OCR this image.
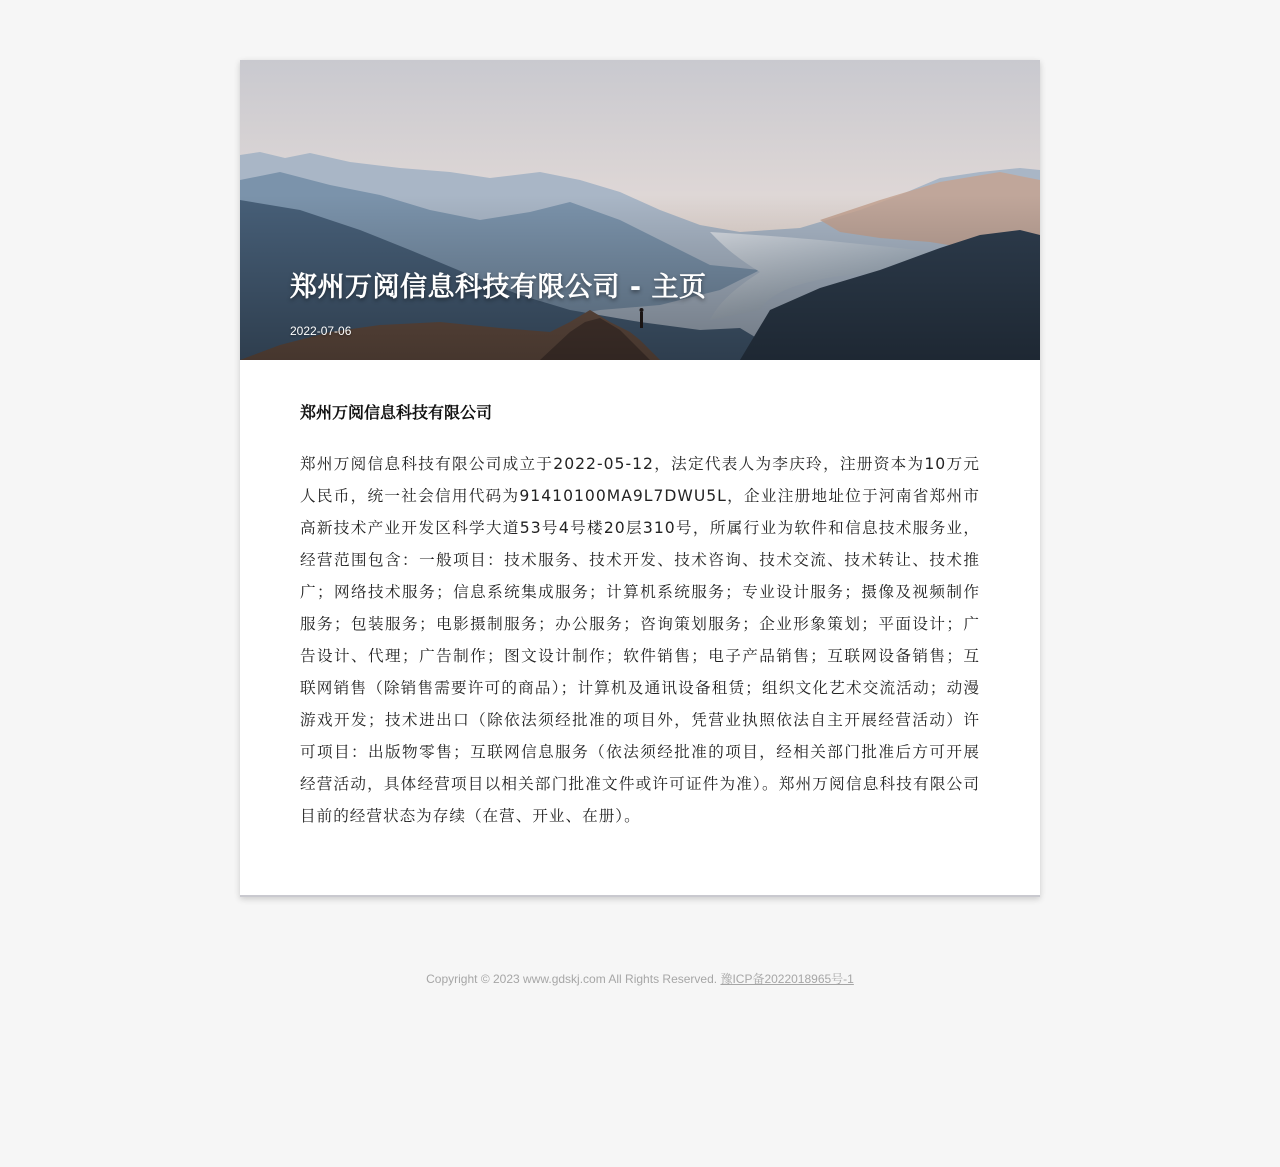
郑州万阅信息科技有限公司 - 主页
2022-07-06
郑州万阅信息科技有限公司

郑州万阅信息科技有限公司成立于2022-05-12，法定代表人为李庆玲，注册资本为10万元人民币，统一社会信用代码为91410100MA9L7DWU5L，企业注册地址位于河南省郑州市高新技术产业开发区科学大道53号4号楼20层310号，所属行业为软件和信息技术服务业，经营范围包含：一般项目：技术服务、技术开发、技术咨询、技术交流、技术转让、技术推广；网络技术服务；信息系统集成服务；计算机系统服务；专业设计服务；摄像及视频制作服务；包装服务；电影摄制服务；办公服务；咨询策划服务；企业形象策划；平面设计；广告设计、代理；广告制作；图文设计制作；软件销售；电子产品销售；互联网设备销售；互联网销售（除销售需要许可的商品）；计算机及通讯设备租赁；组织文化艺术交流活动；动漫游戏开发；技术进出口（除依法须经批准的项目外，凭营业执照依法自主开展经营活动）许可项目：出版物零售；互联网信息服务（依法须经批准的项目，经相关部门批准后方可开展经营活动，具体经营项目以相关部门批准文件或许可证件为准）。郑州万阅信息科技有限公司目前的经营状态为存续（在营、开业、在册）。

Copyright © 2023 www.gdskj.com All Rights Reserved. 豫ICP备2022018965号-1
